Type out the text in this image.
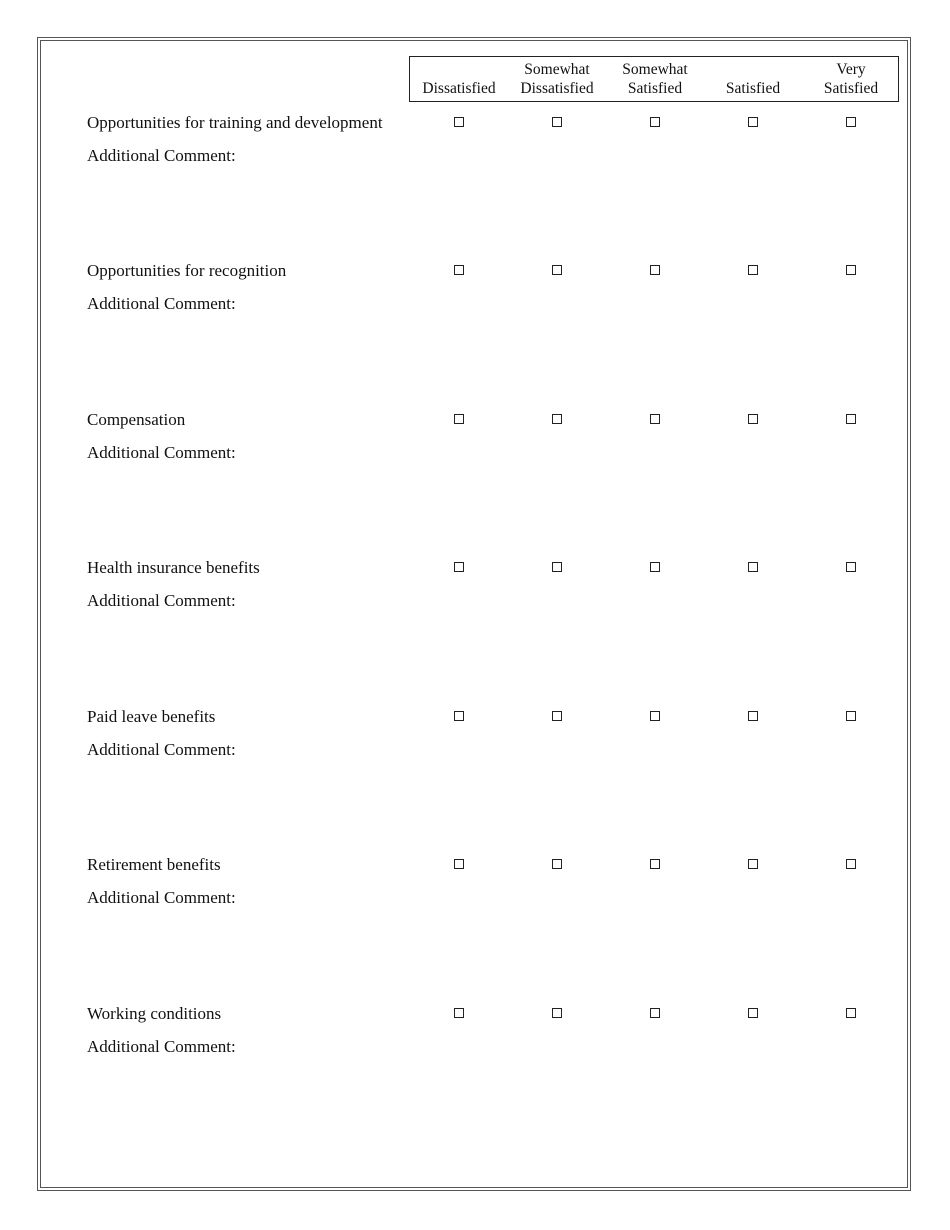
Dissatisfied
Somewhat
Dissatisfied
Somewhat
Satisfied	Satisfied
Very
Satisfied
Opportunities for training and development
Additional Comment:
Opportunities for recognition
Additional Comment:
Compensation
Additional Comment:
Health insurance benefits
Additional Comment:
Paid leave benefits
Additional Comment:
Retirement benefits
Additional Comment:
Working conditions
Additional Comment:
